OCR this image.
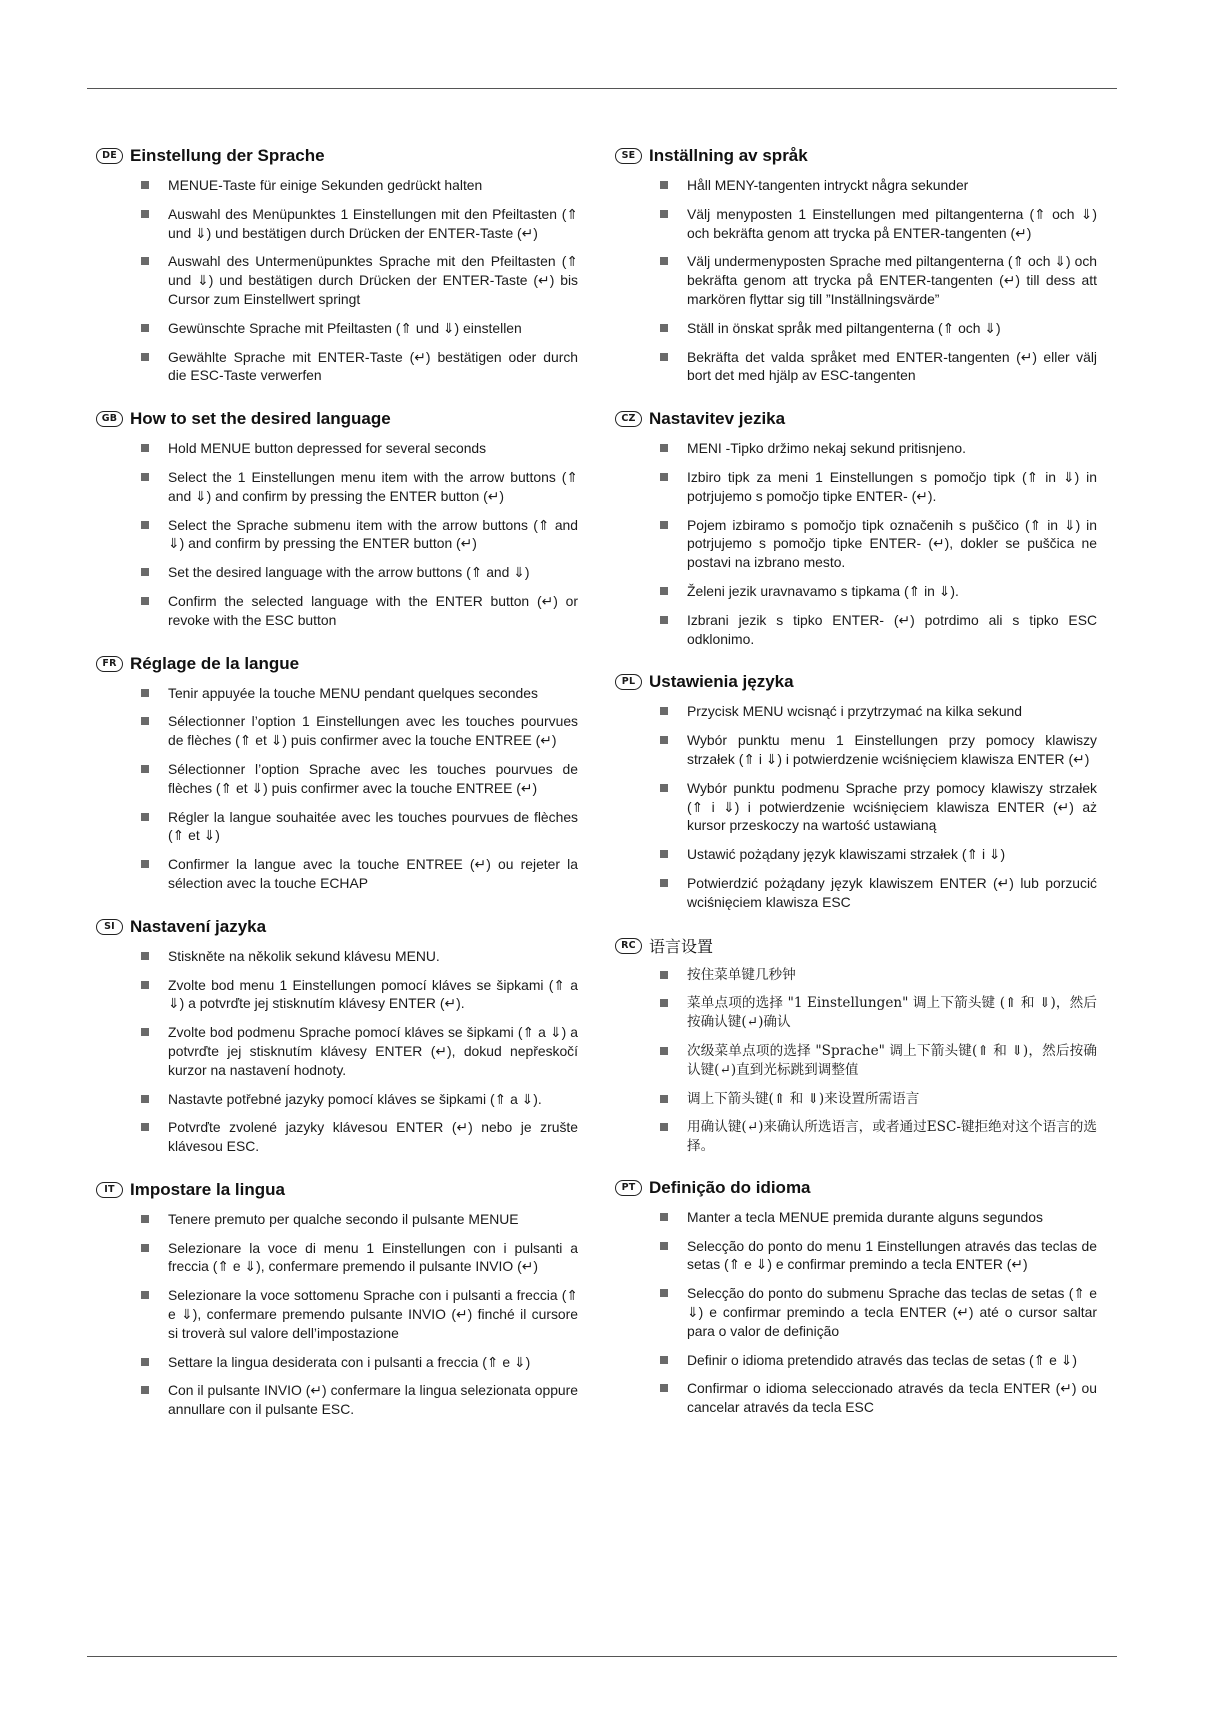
DE Einstellung der Sprache
MENUE-Taste für einige Sekunden gedrückt halten
Auswahl des Menüpunktes 1 Einstellungen mit den Pfeiltasten (⇑ und ⇓) und bestätigen durch Drücken der ENTER-Taste (↵)
Auswahl des Untermenüpunktes Sprache mit den Pfeiltasten (⇑ und ⇓) und bestätigen durch Drücken der ENTER-Taste (↵) bis Cursor zum Einstellwert springt
Gewünschte Sprache mit Pfeiltasten (⇑ und ⇓) einstellen
Gewählte Sprache mit ENTER-Taste (↵) bestätigen oder durch die ESC-Taste verwerfen
GB How to set the desired language
Hold MENUE button depressed for several seconds
Select the 1 Einstellungen menu item with the arrow buttons (⇑ and ⇓) and confirm by pressing the ENTER button (↵)
Select the Sprache submenu item with the arrow buttons (⇑ and ⇓) and confirm by pressing the ENTER button (↵)
Set the desired language with the arrow buttons (⇑ and ⇓)
Confirm the selected language with the ENTER button (↵) or revoke with the ESC button
FR Réglage de la langue
Tenir appuyée la touche MENU pendant quelques secondes
Sélectionner l’option 1 Einstellungen avec les touches pourvues de flèches (⇑ et ⇓) puis confirmer avec la touche ENTREE (↵)
Sélectionner l’option Sprache avec les touches pourvues de flèches (⇑ et ⇓) puis confirmer avec la touche ENTREE (↵)
Régler la langue souhaitée avec les touches pourvues de flèches (⇑ et ⇓)
Confirmer la langue avec la touche ENTREE (↵) ou rejeter la sélection avec la touche ECHAP
SI Nastavení jazyka
Stiskněte na několik sekund klávesu MENU.
Zvolte bod menu 1 Einstellungen pomocí kláves se šipkami (⇑ a ⇓) a potvrďte jej stisknutím klávesy ENTER (↵).
Zvolte bod podmenu Sprache pomocí kláves se šipkami (⇑ a ⇓) a potvrďte jej stisknutím klávesy ENTER (↵), dokud nepřeskočí kurzor na nastavení hodnoty.
Nastavte potřebné jazyky pomocí kláves se šipkami (⇑ a ⇓).
Potvrďte zvolené jazyky klávesou ENTER (↵) nebo je zrušte klávesou ESC.
IT Impostare la lingua
Tenere premuto per qualche secondo il pulsante MENUE
Selezionare la voce di menu 1 Einstellungen con i pulsanti a freccia (⇑ e ⇓), confermare premendo il pulsante INVIO (↵)
Selezionare la voce sottomenu Sprache con i pulsanti a freccia (⇑ e ⇓), confermare premendo pulsante INVIO (↵) finché il cursore si troverà sul valore dell’impostazione
Settare la lingua desiderata con i pulsanti a freccia (⇑ e ⇓)
Con il pulsante INVIO (↵) confermare la lingua selezionata oppure annullare con il pulsante ESC.
SE Inställning av språk
Håll MENY-tangenten intryckt några sekunder
Välj menyposten 1 Einstellungen med piltangenterna (⇑ och ⇓) och bekräfta genom att trycka på ENTER-tangenten (↵)
Välj undermenyposten Sprache med piltangenterna (⇑ och ⇓) och bekräfta genom att trycka på ENTER-tangenten (↵) till dess att markören flyttar sig till ”Inställningsvärde”
Ställ in önskat språk med piltangenterna (⇑ och ⇓)
Bekräfta det valda språket med ENTER-tangenten (↵) eller välj bort det med hjälp av ESC-tangenten
CZ Nastavitev jezika
MENI -Tipko držimo nekaj sekund pritisnjeno.
Izbiro tipk za meni 1 Einstellungen s pomočjo tipk (⇑ in ⇓) in potrjujemo s pomočjo tipke ENTER- (↵).
Pojem izbiramo s pomočjo tipk označenih s puščico (⇑ in ⇓) in potrjujemo s pomočjo tipke ENTER- (↵), dokler se puščica ne postavi na izbrano mesto.
Želeni jezik uravnavamo s tipkama (⇑ in ⇓).
Izbrani jezik s tipko ENTER- (↵) potrdimo ali s tipko ESC odklonimo.
PL Ustawienia języka
Przycisk MENU wcisnąć i przytrzymać na kilka sekund
Wybór punktu menu 1 Einstellungen przy pomocy klawiszy strzałek (⇑ i ⇓) i potwierdzenie wciśnięciem klawisza ENTER (↵)
Wybór punktu podmenu Sprache przy pomocy klawiszy strzałek (⇑ i ⇓) i potwierdzenie wciśnięciem klawisza ENTER (↵) aż kursor przeskoczy na wartość ustawianą
Ustawić pożądany język klawiszami strzałek (⇑ i ⇓)
Potwierdzić pożądany język klawiszem ENTER (↵) lub porzucić wciśnięciem klawisza ESC
RC 语言设置
按住菜单键几秒钟
菜单点项的选择 "1 Einstellungen" 调上下箭头键 (⇑ 和 ⇓)，然后按确认键(↵)确认
次级菜单点项的选择 "Sprache" 调上下箭头键(⇑ 和 ⇓)，然后按确认键(↵)直到光标跳到调整值
调上下箭头键(⇑ 和 ⇓)来设置所需语言
用确认键(↵)来确认所选语言，或者通过ESC-键拒绝对这个语言的选择。
PT Definição do idioma
Manter a tecla MENUE premida durante alguns segundos
Selecção do ponto do menu 1 Einstellungen através das teclas de setas (⇑ e ⇓) e confirmar premindo a tecla ENTER (↵)
Selecção do ponto do submenu Sprache das teclas de setas (⇑ e ⇓) e confirmar premindo a tecla ENTER (↵) até o cursor saltar para o valor de definição
Definir o idioma pretendido através das teclas de setas (⇑ e ⇓)
Confirmar o idioma seleccionado através da tecla ENTER (↵) ou cancelar através da tecla ESC
